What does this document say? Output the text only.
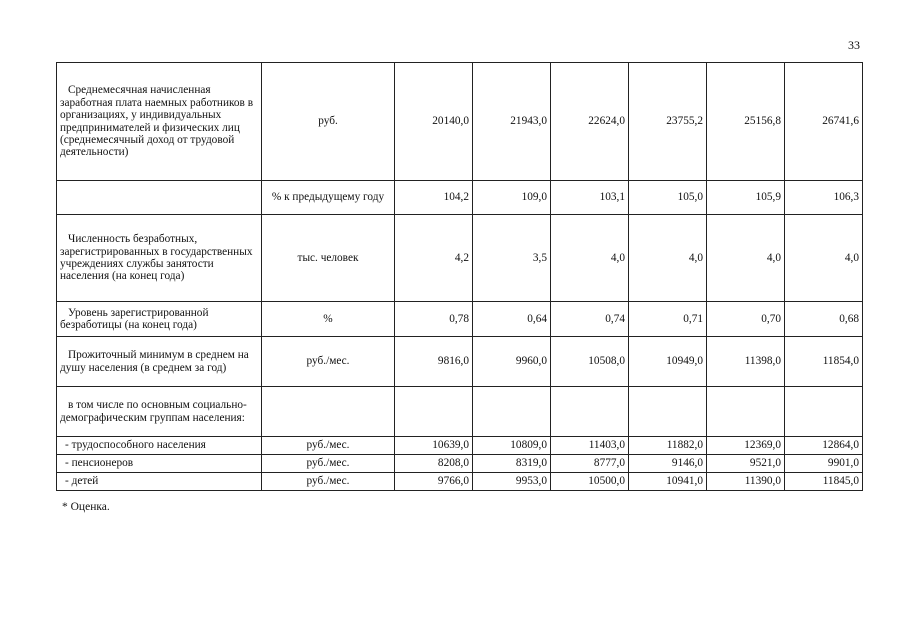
33
Среднемесячная начисленная заработная плата наемных работников в организациях, у индивидуальных предпринимателей и физических лиц (среднемесячный доход от трудовой деятельности)	руб.	20140,0	21943,0	22624,0	23755,2	25156,8	26741,6
	% к предыдущему году	104,2	109,0	103,1	105,0	105,9	106,3
Численность безработных, зарегистрированных в государственных учреждениях службы занятости населения (на конец года)	тыс. человек	4,2	3,5	4,0	4,0	4,0	4,0
Уровень зарегистрированной безработицы (на конец года)	%	0,78	0,64	0,74	0,71	0,70	0,68
Прожиточный минимум в среднем на душу населения (в среднем за год)	руб./мес.	9816,0	9960,0	10508,0	10949,0	11398,0	11854,0
в том числе по основным социально-демографическим группам населения:							
- трудоспособного населения	руб./мес.	10639,0	10809,0	11403,0	11882,0	12369,0	12864,0
- пенсионеров	руб./мес.	8208,0	8319,0	8777,0	9146,0	9521,0	9901,0
- детей	руб./мес.	9766,0	9953,0	10500,0	10941,0	11390,0	11845,0
* Оценка.
